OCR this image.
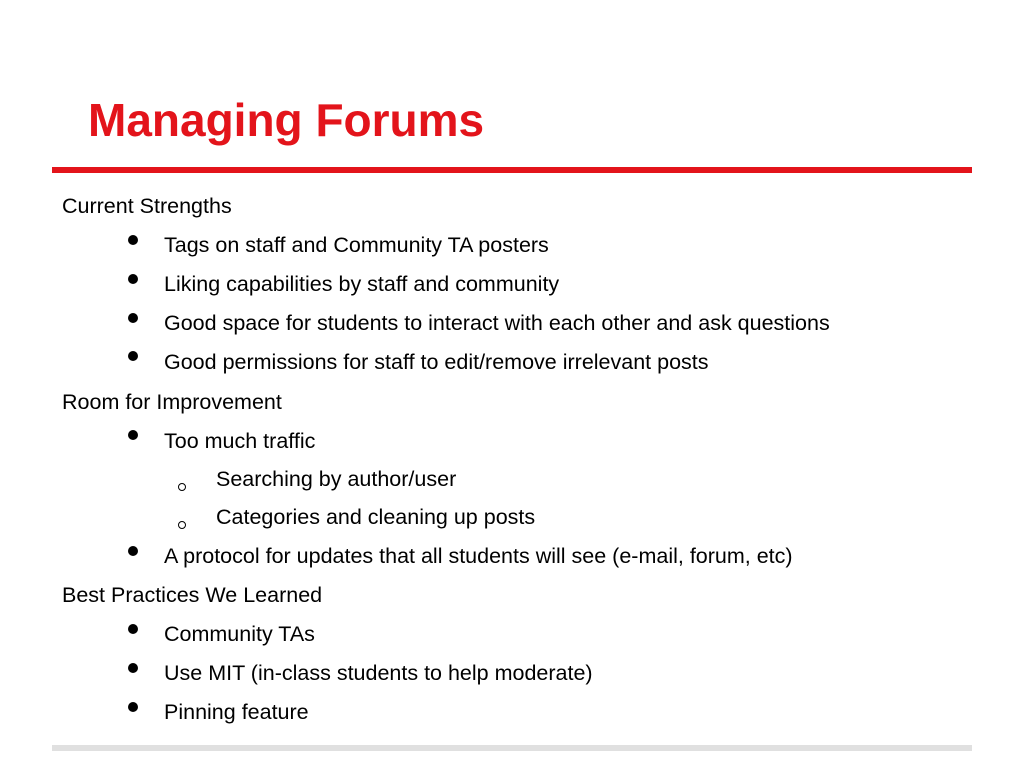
Managing Forums
Current Strengths
Tags on staff and Community TA posters
Liking capabilities by staff and community
Good space for students to interact with each other and ask questions
Good permissions for staff to edit/remove irrelevant posts
Room for Improvement
Too much traffic
Searching by author/user
Categories and cleaning up posts
A protocol for updates that all students will see (e-mail, forum, etc)
Best Practices We Learned
Community TAs
Use MIT (in-class students to help moderate)
Pinning feature
